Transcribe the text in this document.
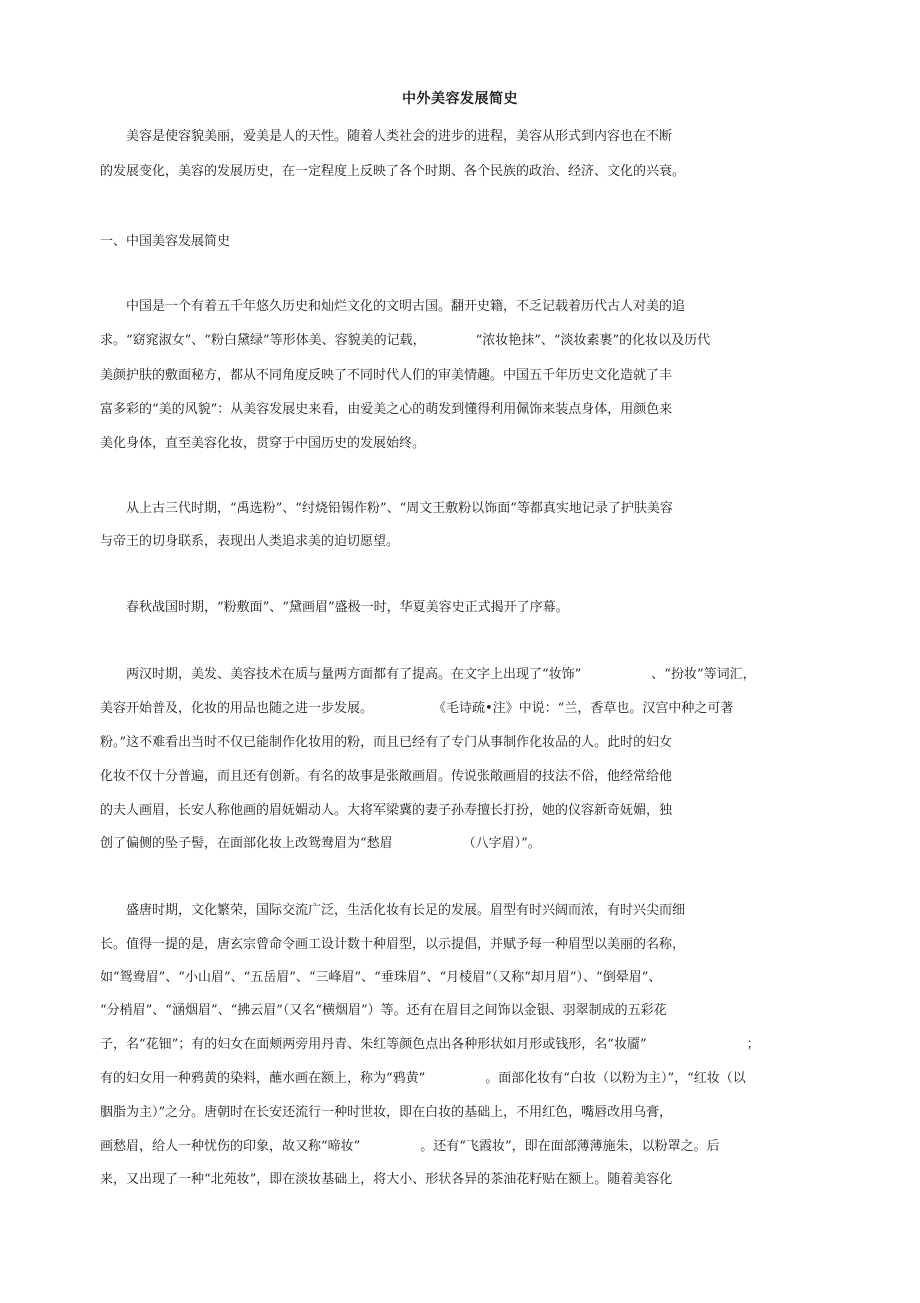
中外美容发展简史
美容是使容貌美丽，爱美是人的天性。随着人类社会的进步的进程，美容从形式到内容也在不断
的发展变化，美容的发展历史，在一定程度上反映了各个时期、各个民族的政治、经济、文化的兴衰。
一、中国美容发展简史
中国是一个有着五千年悠久历史和灿烂文化的文明古国。翻开史籍，不乏记载着历代古人对美的追
求。“窈窕淑女”、“粉白黛绿”等形体美、容貌美的记载，	“浓妆艳抹”、“淡妆素裹”的化妆以及历代
美颜护肤的敷面秘方，都从不同角度反映了不同时代人们的审美情趣。中国五千年历史文化造就了丰
富多彩的“美的风貌”：从美容发展史来看，由爱美之心的萌发到懂得利用佩饰来装点身体，用颜色来
美化身体，直至美容化妆，贯穿于中国历史的发展始终。
从上古三代时期，“禹选粉”、“纣烧铅锡作粉”、“周文王敷粉以饰面”等都真实地记录了护肤美容
与帝王的切身联系，表现出人类追求美的迫切愿望。
春秋战国时期，“粉敷面”、“黛画眉”盛极一时，华夏美容史正式揭开了序幕。
两汉时期，美发、美容技术在质与量两方面都有了提高。在文字上出现了“妆饰”	、“扮妆”等词汇，
美容开始普及，化妆的用品也随之进一步发展。	《毛诗疏•注》中说：“兰，香草也。汉宫中种之可著
粉。”这不难看出当时不仅已能制作化妆用的粉，而且已经有了专门从事制作化妆品的人。此时的妇女
化妆不仅十分普遍，而且还有创新。有名的故事是张敞画眉。传说张敞画眉的技法不俗，他经常给他
的夫人画眉，长安人称他画的眉妩媚动人。大将军梁冀的妻子孙寿擅长打扮，她的仪容新奇妩媚，独
创了偏侧的坠子髻，在面部化妆上改鸳鸯眉为“愁眉	（八字眉）”。
盛唐时期，文化繁荣，国际交流广泛，生活化妆有长足的发展。眉型有时兴阔而浓，有时兴尖而细
长。值得一提的是，唐玄宗曾命令画工设计数十种眉型，以示提倡，并赋予每一种眉型以美丽的名称，
如“鸳鸯眉”、“小山眉”、“五岳眉”、“三峰眉”、“垂珠眉”、“月棱眉”（又称“却月眉”）、“倒晕眉”、
“分梢眉”、“涵烟眉”、“拂云眉”（又名“横烟眉”）等。还有在眉目之间饰以金银、羽翠制成的五彩花
子，名“花钿”；有的妇女在面颊两旁用丹青、朱红等颜色点出各种形状如月形或钱形，名“妆靥”	；
有的妇女用一种鸦黄的染料，蘸水画在额上，称为“鸦黄”	。面部化妆有“白妆（以粉为主）”，“红妆（以
胭脂为主）”之分。唐朝时在长安还流行一种时世妆，即在白妆的基础上，不用红色，嘴唇改用乌膏，
画愁眉，给人一种忧伤的印象，故又称“啼妆”	。还有“飞霞妆”，即在面部薄薄施朱，以粉罩之。后
来，又出现了一种“北苑妆”，即在淡妆基础上，将大小、形状各异的茶油花籽贴在额上。随着美容化
